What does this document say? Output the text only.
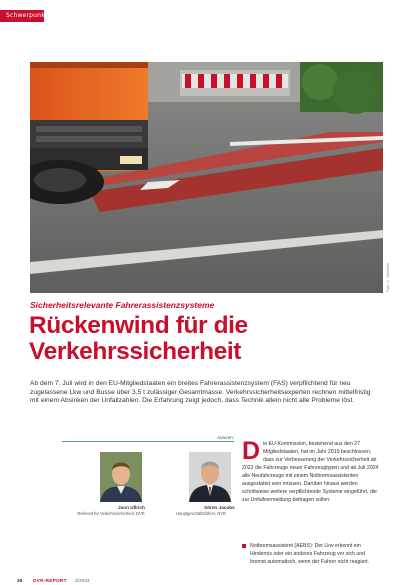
Schwerpunkt
Foto: © Stockfoto
Sicherheitsrelevante Fahrerassistenzsysteme
Rückenwind für die Verkehrssicherheit

Ab dem 7. Juli wird in den EU-Mitgliedstaaten ein breites Fahrerassistenzsystem (FAS) verpflichtend für neu zugelassene Lkw und Busse über 3,5 t zulässiger Gesamtmasse. Verkehrssicherheitsexperten rechnen mittelfristig mit einem Absinken der Unfallzahlen. Die Erfahrung zeigt jedoch, dass Technik allein nicht alle Probleme löst.

Autoren:
Jann Ullrich
Referent für Verkehrssicherheit, DVR
Sören Jacobs
Hauptgeschäftsführer, DVR

Die EU-Kommission, bestehend aus den 27 Mitgliedstaaten, hat im Jahr 2019 beschlossen, dass zur Verbesserung der Verkehrssicherheit ab 2022 die Fahrzeuge neuer Fahrzeugtypen und ab Juli 2024 alle Neufahrzeuge mit einem Notbremsassistenten ausgestattet sein müssen. Darüber hinaus werden schrittweise weitere verpflichtende Systeme eingeführt, die zur Unfallvermeidung beitragen sollen:

Notbremsassistent (AEBS): Der Lkw erkennt ein Hindernis oder ein anderes Fahrzeug vor sich und bremst automatisch, wenn der Fahrer nicht reagiert.

26 DVR-REPORT 2/2024
